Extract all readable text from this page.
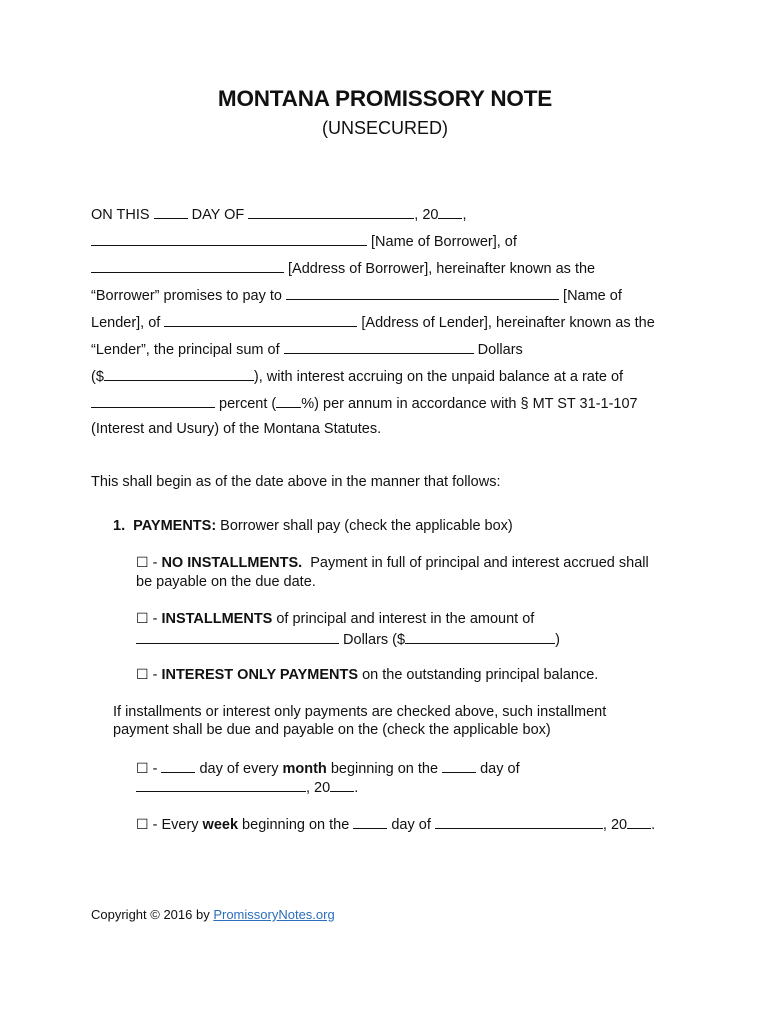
MONTANA PROMISSORY NOTE
(UNSECURED)
ON THIS  DAY OF	, 20 ,
[Name of Borrower], of
[Address of Borrower], hereinafter known as the
“Borrower” promises to pay to	[Name of
Lender], of	[Address of Lender], hereinafter known as the
“Lender”, the principal sum of	Dollars
($	), with interest accruing on the unpaid balance at a rate of
percent ( %) per annum in accordance with § MT ST 31-1-107
(Interest and Usury) of the Montana Statutes.
This shall begin as of the date above in the manner that follows:
1. PAYMENTS: Borrower shall pay (check the applicable box)
☐ - NO INSTALLMENTS.  Payment in full of principal and interest accrued shall
be payable on the due date.
☐ - INSTALLMENTS of principal and interest in the amount of
Dollars ($	)
☐ - INTEREST ONLY PAYMENTS on the outstanding principal balance.
If installments or interest only payments are checked above, such installment
payment shall be due and payable on the (check the applicable box)
☐ -  day of every month beginning on the  day of
, 20 .
☐ - Every week beginning on the  day of	, 20 .
Copyright © 2016 by PromissoryNotes.org
